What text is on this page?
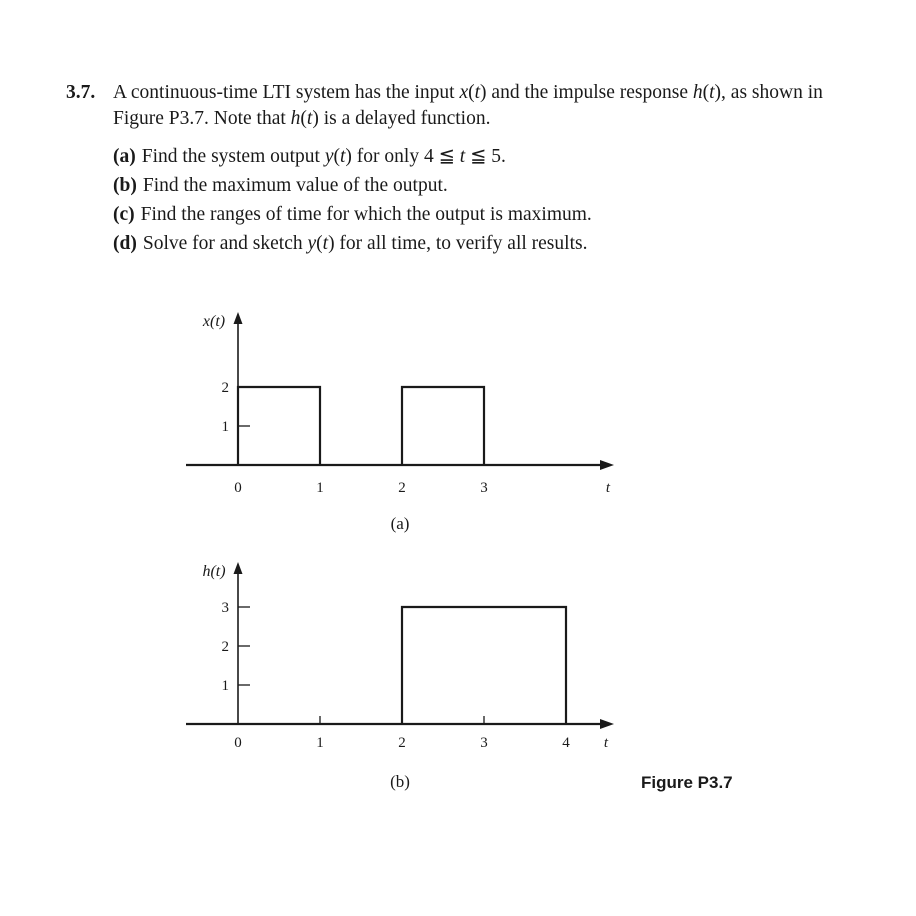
3.7. A continuous-time LTI system has the input x(t) and the impulse response h(t), as shown in Figure P3.7. Note that h(t) is a delayed function.
(a) Find the system output y(t) for only 4 ≦ t ≦ 5.
(b) Find the maximum value of the output.
(c) Find the ranges of time for which the output is maximum.
(d) Solve for and sketch y(t) for all time, to verify all results.
x(t)
1
2
0	1	2	3	t
(a)
h(t)
1
2
3
0	1	2	3	4 t
(b)	Figure P3.7
